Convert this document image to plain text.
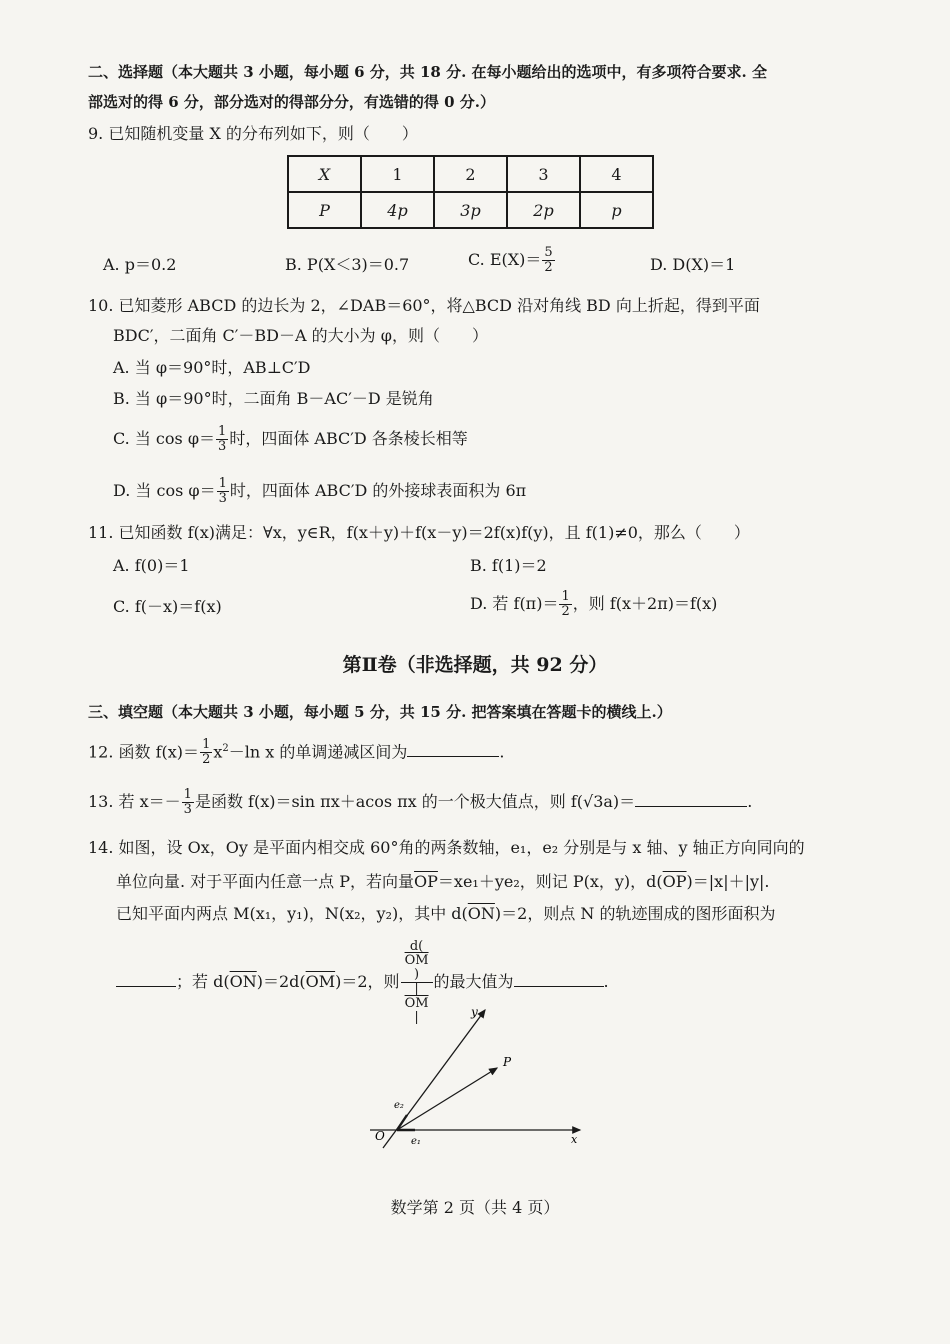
二、选择题（本大题共 3 小题，每小题 6 分，共 18 分. 在每小题给出的选项中，有多项符合要求. 全
部选对的得 6 分，部分选对的得部分分，有选错的得 0 分.）
9. 已知随机变量 X 的分布列如下，则（　　）
X	1	2	3	4
P	4p	3p	2p	p
A. p＝0.2	B. P(X＜3)＝0.7	C. $E(X)= \frac{5}{2}$	D. D(X)＝1
10. 已知菱形 ABCD 的边长为 2，∠DAB＝60°，将△BCD 沿对角线 BD 向上折起，得到平面
BDC′，二面角 C′－BD－A 的大小为 φ，则（　　）
A. 当 φ＝90°时，AB⊥C′D
B. 当 φ＝90°时，二面角 B－AC′－D 是锐角
C. 当 $\cos \varphi= \frac{1}{3}$ 时，四面体 ABC′D 各条棱长相等
D. 当 $\cos \varphi= \frac{1}{3}$ 时，四面体 ABC′D 的外接球表面积为 6π
11. 已知函数 f(x)满足：∀x，y∈R，f(x＋y)＋f(x－y)＝2f(x)f(y)，且 f(1)≠0，那么（　　）
A. f(0)＝1	B. f(1)＝2
C. f(－x)＝f(x)	D. 若 $f(\pi)= \frac{1}{2}$ ，则 f(x＋2π)＝f(x)
第Ⅱ卷（非选择题，共 92 分）
三、填空题（本大题共 3 小题，每小题 5 分，共 15 分. 把答案填在答题卡的横线上.）
12. 函数 $f(x)= \frac{1}{2} x^2-\ln$ x 的单调递减区间为	.
13. 若 $x=- \frac{1}{3}$ 是函数 f(x)＝sin πx＋acos πx 的一个极大值点，则 f(√3a)＝	.
14. 如图，设 Ox，Oy 是平面内相交成 60°角的两条数轴，e₁，e₂ 分别是与 x 轴、y 轴正方向同向的
单位向量. 对于平面内任意一点 P，若向量$\overline{OP}=xe_1+ye_2$，则记 P(x，y)，$d(\overline{OP})=|x|+|y|$.
已知平面内两点 M(x₁，y₁)，N(x₂，y₂)，其中 $d(\overline{ON})=2$，则点 N 的轨迹围成的图形面积为
；若 $d(\overline{ON})=2d(\overline{OM})=2$，则 d(
$\overline{OM}$
)
|
$\overline{OM}$
| 的最大值为	.
y
P
e₂
O	e₁	x
数学第 2 页（共 4 页）
